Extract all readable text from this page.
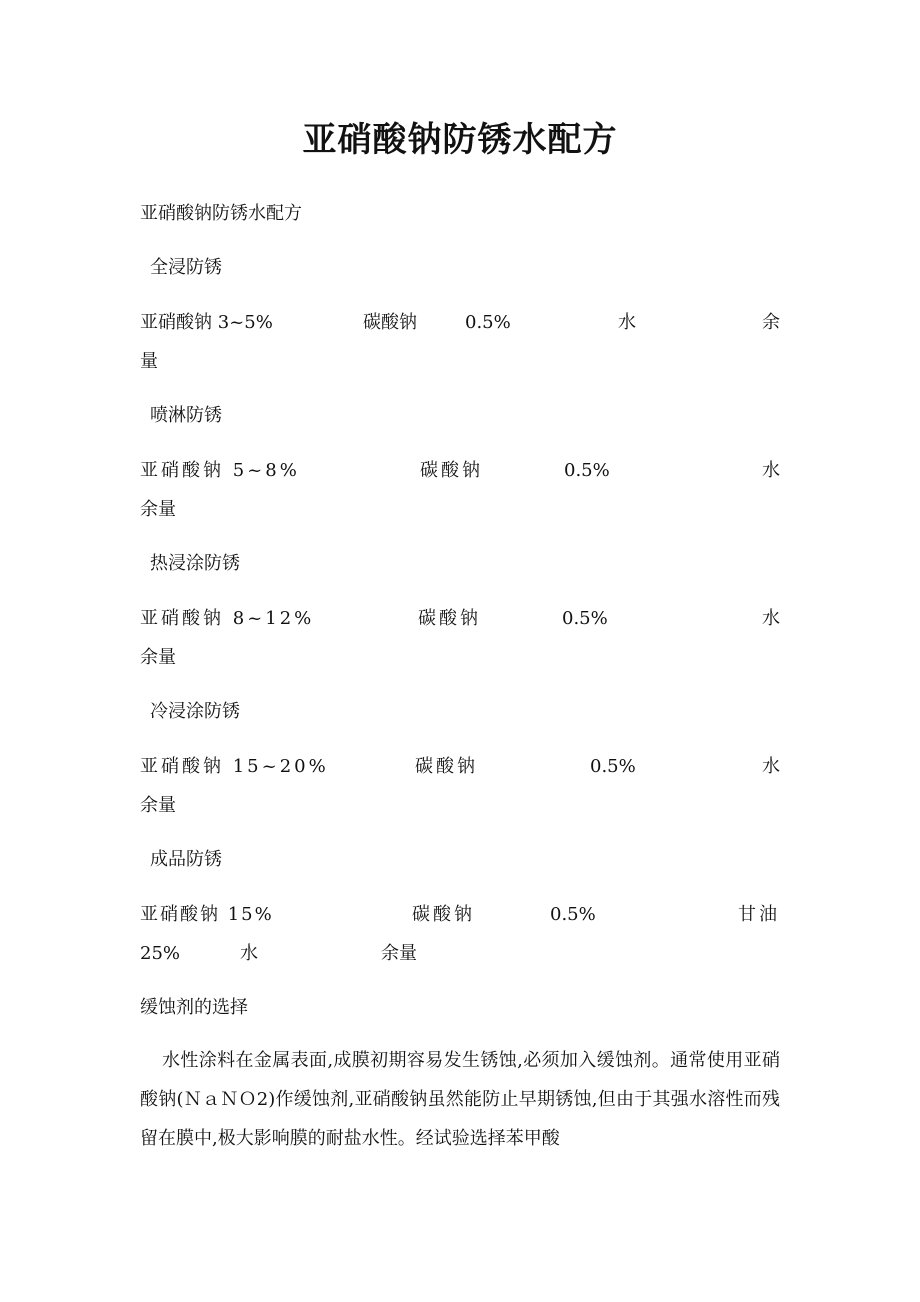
亚硝酸钠防锈水配方
亚硝酸钠防锈水配方
全浸防锈
亚硝酸钠 3~5%	碳酸钠	0.5%	水	余
量
喷淋防锈
亚硝酸钠 5~8%	碳酸钠	0.5%	水
余量
热浸涂防锈
亚硝酸钠 8~12%	碳酸钠	0.5%	水
余量
冷浸涂防锈
亚硝酸钠 15~20%	碳酸钠	0.5%	水
余量
成品防锈
亚硝酸钠 15%	碳酸钠	0.5%	甘油
25%	水	余量
缓蚀剂的选择
水性涂料在金属表面,成膜初期容易发生锈蚀,必须加入缓蚀剂。通常使用亚硝酸钠(ＮａＮＯ2)作缓蚀剂,亚硝酸钠虽然能防止早期锈蚀,但由于其强水溶性而残留在膜中,极大影响膜的耐盐水性。经试验选择苯甲酸
